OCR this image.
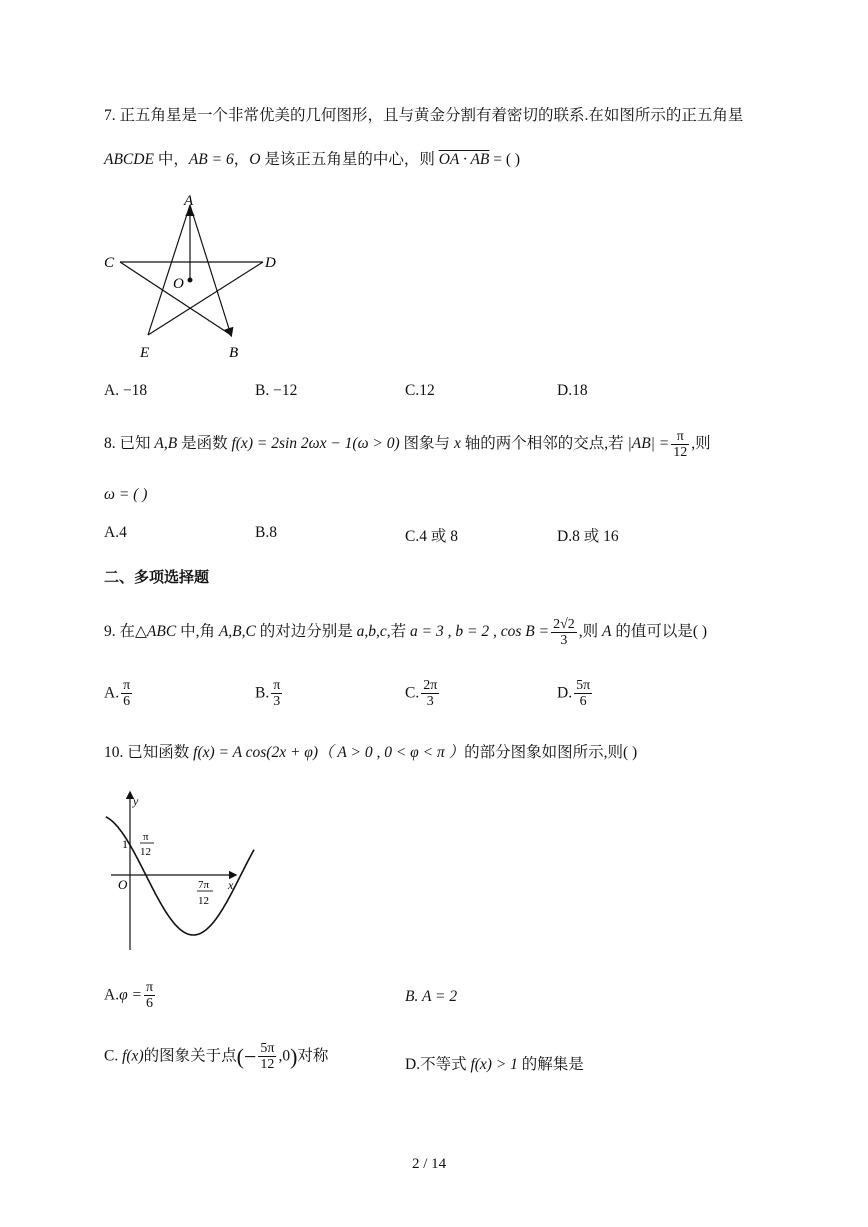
7. 正五角星是一个非常优美的几何图形，且与黄金分割有着密切的联系.在如图所示的正五角星
ABCDE 中，AB = 6，O 是该正五角星的中心，则 OA · AB = ( )
A
C	D
O
E	B
A. −18	B. −12	C.12	D.18
8. 已知 A,B 是函数 f(x) = 2sin 2ωx − 1(ω > 0) 图象与 x 轴的两个相邻的交点,若 $|AB| = \frac{\pi}{12}$ ,则
ω = ( )
A.4	B.8	C.4 或 8	D.8 或 16
二、多项选择题
9. 在△ABC 中,角 A,B,C 的对边分别是 a,b,c,若 a = 3 , b = 2 , $\cos B = \frac{2√2}{3}$ ,则 A 的值可以是( )
A. $\frac{\pi}{6}$	B. $\frac{\pi}{3}$	C. $\frac{2\pi}{3}$	D. $\frac{5\pi}{6}$
10. 已知函数 f(x) = A cos(2x + φ)（ A > 0 , 0 < φ < π ）的部分图象如图所示,则( )
y
x
O
1 π
12
7π
12
$A.\varphi = \frac{\pi}{6}$	B. A = 2
C. f(x)的图象关于点(− $\frac{5\pi}{12} ,0$)对称
D.不等式 f(x) > 1 的解集是
2 / 14
